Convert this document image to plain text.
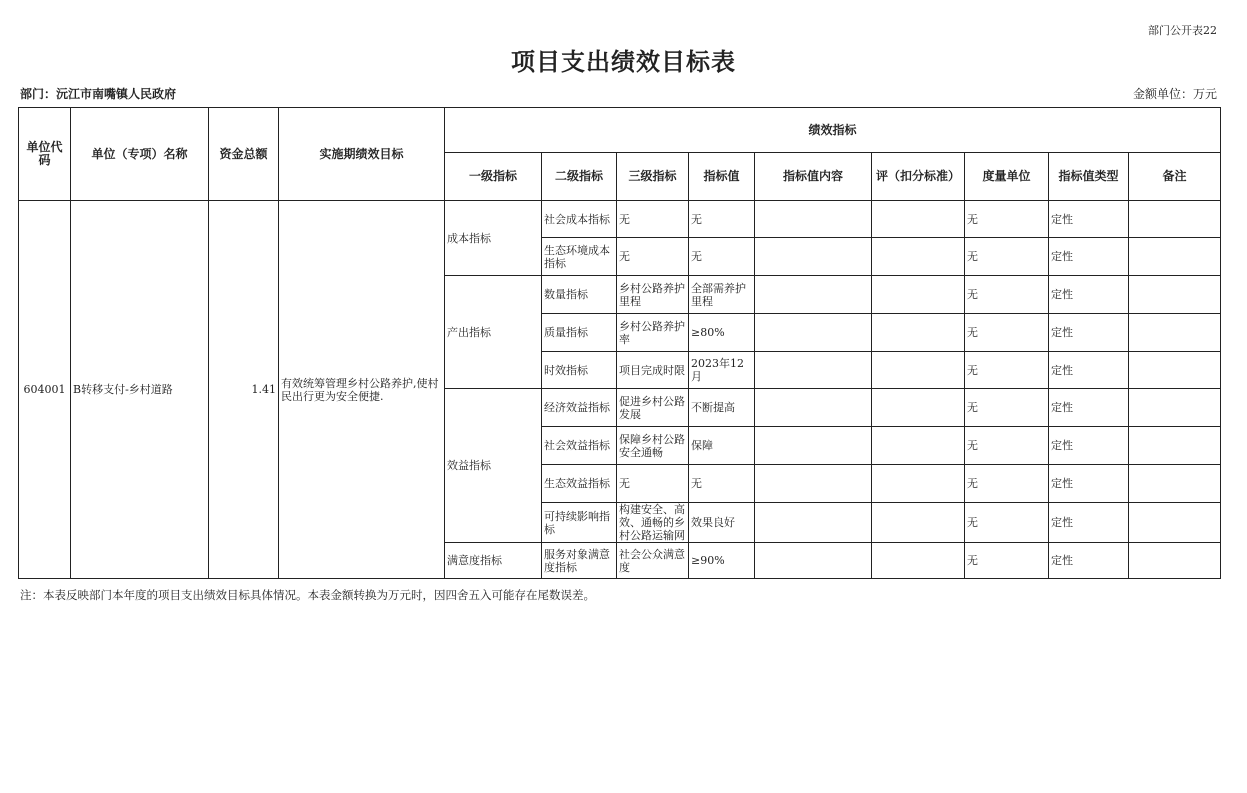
部门公开表22
项目支出绩效目标表
部门：沅江市南嘴镇人民政府	金额单位：万元
单位代码	单位（专项）名称	资金总额	实施期绩效目标	绩效指标								
				一级指标	二级指标	三级指标	指标值	指标值内容	评（扣分标准）	度量单位	指标值类型	备注
604001	B转移支付-乡村道路	1.41	有效统筹管理乡村公路养护,使村民出行更为安全便捷.	成本指标	社会成本指标	无	无			无	定性	
					生态环境成本指标	无	无			无	定性	
				产出指标	数量指标	乡村公路养护里程	全部需养护里程			无	定性	
					质量指标	乡村公路养护率	≥80%			无	定性	
					时效指标	项目完成时限	2023年12月			无	定性	
				效益指标	经济效益指标	促进乡村公路发展	不断提高			无	定性	
					社会效益指标	保障乡村公路安全通畅	保障			无	定性	
					生态效益指标	无	无			无	定性	
					可持续影响指标	构建安全、高效、通畅的乡村公路运输网	效果良好			无	定性	
				满意度指标	服务对象满意度指标	社会公众满意度	≥90%			无	定性	
注：本表反映部门本年度的项目支出绩效目标具体情况。本表金额转换为万元时，因四舍五入可能存在尾数误差。
